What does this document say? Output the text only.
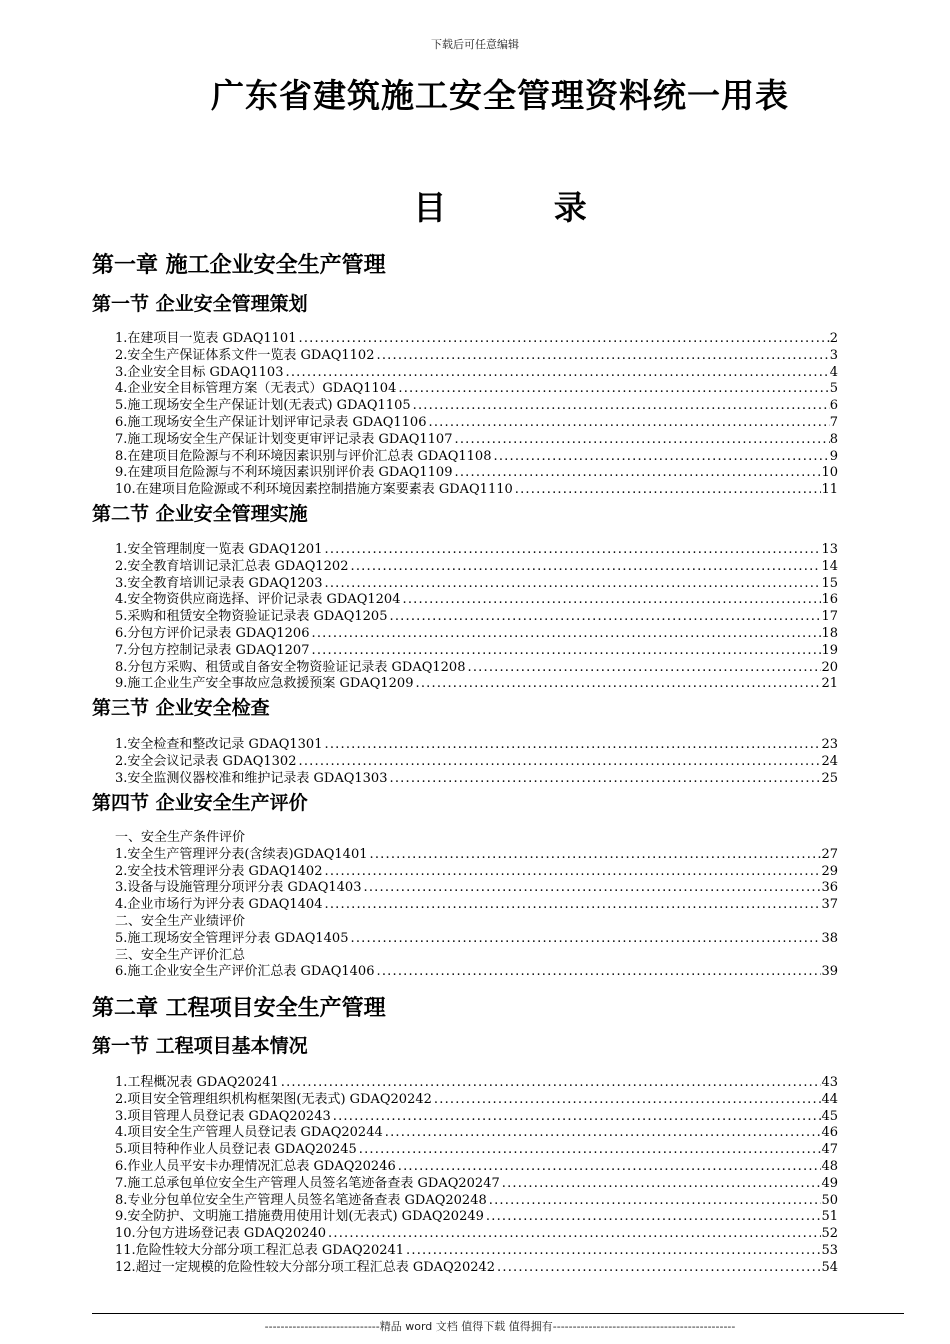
下载后可任意编辑
广东省建筑施工安全管理资料统一用表
目 录
第一章 施工企业安全生产管理
第一节 企业安全管理策划
1. 在建项目一览表 GDAQ1101 .....	2
2. 安全生产保证体系文件一览表 GDAQ1102 .....	3
3. 企业安全目标 GDAQ1103 .....	4
4. 企业安全目标管理方案（无表式）GDAQ1104 .....	5
5. 施工现场安全生产保证计划(无表式) GDAQ1105 .....	6
6. 施工现场安全生产保证计划评审记录表 GDAQ1106 .....	7
7. 施工现场安全生产保证计划变更审评记录表 GDAQ1107 .....	8
8. 在建项目危险源与不利环境因素识别与评价汇总表 GDAQ1108 .....	9
9. 在建项目危险源与不利环境因素识别评价表 GDAQ1109 .....	10
10. 在建项目危险源或不利环境因素控制措施方案要素表 GDAQ1110 .....	11
第二节 企业安全管理实施
1. 安全管理制度一览表 GDAQ1201 .....	13
2. 安全教育培训记录汇总表 GDAQ1202 .....	14
3. 安全教育培训记录表 GDAQ1203 .....	15
4. 安全物资供应商选择、评价记录表 GDAQ1204 .....	16
5. 采购和租赁安全物资验证记录表 GDAQ1205 .....	17
6. 分包方评价记录表 GDAQ1206 .....	18
7. 分包方控制记录表 GDAQ1207 .....	19
8. 分包方采购、租赁或自备安全物资验证记录表 GDAQ1208 .....	20
9. 施工企业生产安全事故应急救援预案 GDAQ1209 .....	21
第三节 企业安全检查
1. 安全检查和整改记录 GDAQ1301 .....	23
2. 安全会议记录表 GDAQ1302 .....	24
3. 安全监测仪器校准和维护记录表 GDAQ1303 .....	25
第四节 企业安全生产评价
一、安全生产条件评价
1. 安全生产管理评分表(含续表)GDAQ1401 .....	27
2. 安全技术管理评分表 GDAQ1402 .....	29
3. 设备与设施管理分项评分表 GDAQ1403 .....	36
4. 企业市场行为评分表 GDAQ1404 .....	37
二、安全生产业绩评价
5. 施工现场安全管理评分表 GDAQ1405 .....	38
三、安全生产评价汇总
6. 施工企业安全生产评价汇总表 GDAQ1406 .....	39
第二章 工程项目安全生产管理
第一节 工程项目基本情况
1. 工程概况表 GDAQ20241 .....	43
2. 项目安全管理组织机构框架图(无表式) GDAQ20242 .....	44
3. 项目管理人员登记表 GDAQ20243 .....	45
4. 项目安全生产管理人员登记表 GDAQ20244 .....	46
5. 项目特种作业人员登记表 GDAQ20245 .....	47
6. 作业人员平安卡办理情况汇总表 GDAQ20246 .....	48
7. 施工总承包单位安全生产管理人员签名笔迹备查表 GDAQ20247 .....	49
8. 专业分包单位安全生产管理人员签名笔迹备查表 GDAQ20248 .....	50
9. 安全防护、文明施工措施费用使用计划(无表式) GDAQ20249 .....	51
10. 分包方进场登记表 GDAQ20240 .....	52
11. 危险性较大分部分项工程汇总表 GDAQ20241 .....	53
12. 超过一定规模的危险性较大分部分项工程汇总表 GDAQ20242 .....	54
-----------------------------精品 word 文档 值得下载 值得拥有----------------------------------------------
